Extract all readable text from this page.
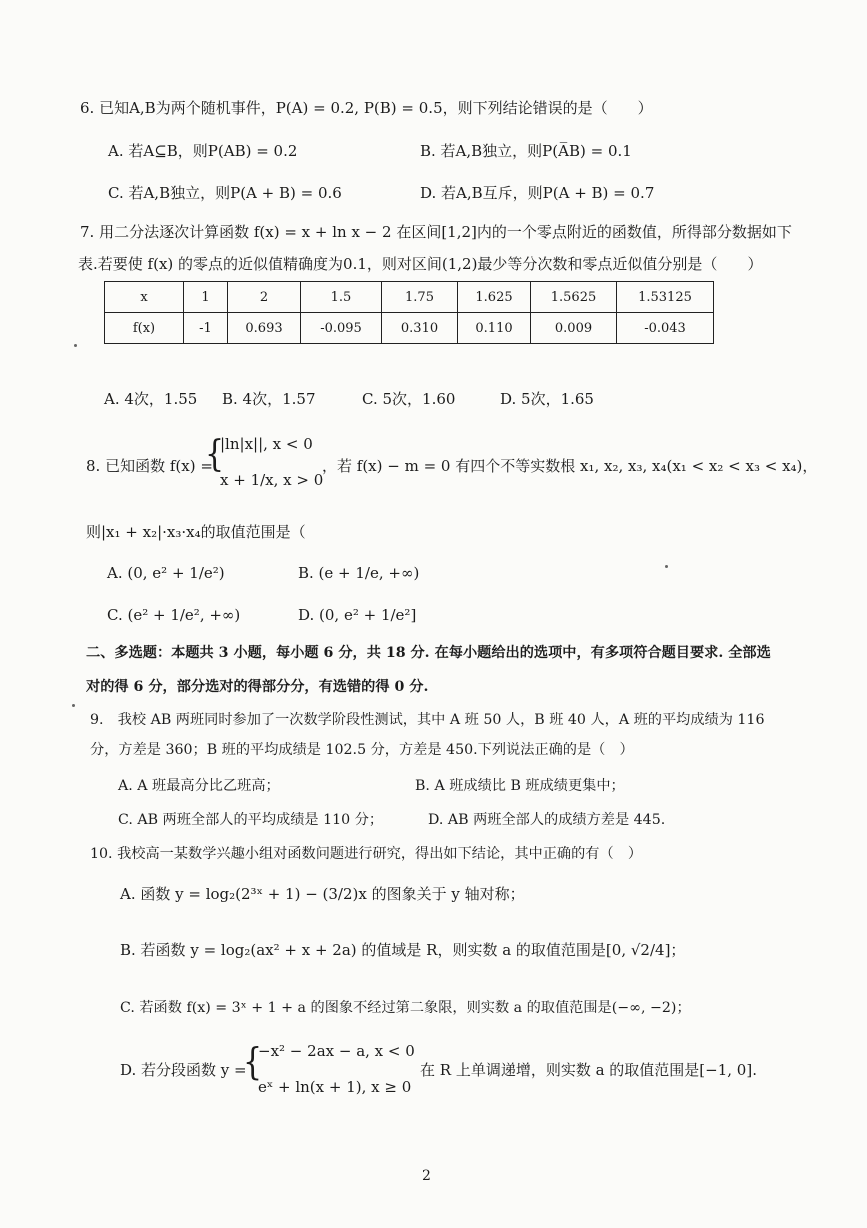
6. 已知A,B为两个随机事件，P(A) = 0.2, P(B) = 0.5，则下列结论错误的是（　　）
A. 若A⊆B，则P(AB) = 0.2	B. 若A,B独立，则P(A̅B) = 0.1
C. 若A,B独立，则P(A + B) = 0.6	D. 若A,B互斥，则P(A + B) = 0.7
7. 用二分法逐次计算函数 f(x) = x + ln x − 2 在区间[1,2]内的一个零点附近的函数值，所得部分数据如下
表.若要使 f(x) 的零点的近似值精确度为0.1，则对区间(1,2)最少等分次数和零点近似值分别是（　　）
x	1	2	1.5	1.75	1.625	1.5625	1.53125
f(x)	-1	0.693	-0.095	0.310	0.110	0.009	-0.043
A. 4次，1.55 B. 4次，1.57	C. 5次，1.60	D. 5次，1.65
8. 已知函数 f(x) =
{
|ln|x||, x < 0
x + 1/x, x > 0
，若 f(x) − m = 0 有四个不等实数根 x₁, x₂, x₃, x₄(x₁ < x₂ < x₃ < x₄)，
则|x₁ + x₂|·x₃·x₄的取值范围是（
A. (0, e² + 1/e²)	B. (e + 1/e, +∞)
C. (e² + 1/e², +∞)	D. (0, e² + 1/e²]
二、多选题：本题共 3 小题，每小题 6 分，共 18 分. 在每小题给出的选项中，有多项符合题目要求. 全部选
对的得 6 分，部分选对的得部分分，有选错的得 0 分.
9.　我校 AB 两班同时参加了一次数学阶段性测试，其中 A 班 50 人，B 班 40 人，A 班的平均成绩为 116
分，方差是 360；B 班的平均成绩是 102.5 分，方差是 450.下列说法正确的是（　）
A. A 班最高分比乙班高；	B. A 班成绩比 B 班成绩更集中；
C. AB 两班全部人的平均成绩是 110 分；	D. AB 两班全部人的成绩方差是 445.
10. 我校高一某数学兴趣小组对函数问题进行研究，得出如下结论，其中正确的有（　）
A. 函数 y = log₂(2³ˣ + 1) − (3/2)x 的图象关于 y 轴对称；
B. 若函数 y = log₂(ax² + x + 2a) 的值域是 R，则实数 a 的取值范围是[0, √2/4]；
C. 若函数 f(x) = 3ˣ + 1 + a 的图象不经过第二象限，则实数 a 的取值范围是(−∞, −2)；
D. 若分段函数 y =
{
−x² − 2ax − a, x < 0
eˣ + ln(x + 1), x ≥ 0
在 R 上单调递增，则实数 a 的取值范围是[−1, 0].
2
